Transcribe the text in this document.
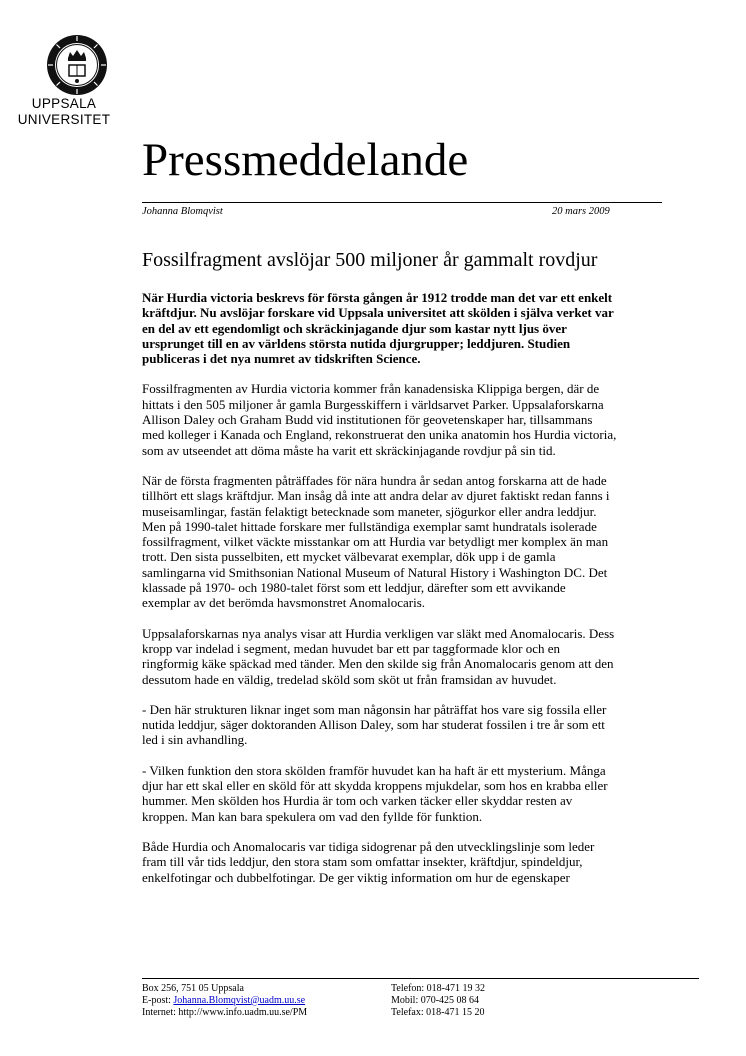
UPPSALA
UNIVERSITET
Pressmeddelande
Johanna Blomqvist	20 mars 2009
Fossilfragment avslöjar 500 miljoner år gammalt rovdjur

När Hurdia victoria beskrevs för första gången år 1912 trodde man det var ett enkelt
kräftdjur. Nu avslöjar forskare vid Uppsala universitet att skölden i själva verket var
en del av ett egendomligt och skräckinjagande djur som kastar nytt ljus över
ursprunget till en av världens största nutida djurgrupper; leddjuren. Studien
publiceras i det nya numret av tidskriften Science.

Fossilfragmenten av Hurdia victoria kommer från kanadensiska Klippiga bergen, där de
hittats i den 505 miljoner år gamla Burgesskiffern i världsarvet Parker. Uppsalaforskarna
Allison Daley och Graham Budd vid institutionen för geovetenskaper har, tillsammans
med kolleger i Kanada och England, rekonstruerat den unika anatomin hos Hurdia victoria,
som av utseendet att döma måste ha varit ett skräckinjagande rovdjur på sin tid.

När de första fragmenten påträffades för nära hundra år sedan antog forskarna att de hade
tillhört ett slags kräftdjur. Man insåg då inte att andra delar av djuret faktiskt redan fanns i
museisamlingar, fastän felaktigt betecknade som maneter, sjögurkor eller andra leddjur.
Men på 1990-talet hittade forskare mer fullständiga exemplar samt hundratals isolerade
fossilfragment, vilket väckte misstankar om att Hurdia var betydligt mer komplex än man
trott. Den sista pusselbiten, ett mycket välbevarat exemplar, dök upp i de gamla
samlingarna vid Smithsonian National Museum of Natural History i Washington DC. Det
klassade på 1970- och 1980-talet först som ett leddjur, därefter som ett avvikande
exemplar av det berömda havsmonstret Anomalocaris.

Uppsalaforskarnas nya analys visar att Hurdia verkligen var släkt med Anomalocaris. Dess
kropp var indelad i segment, medan huvudet bar ett par taggformade klor och en
ringformig käke späckad med tänder. Men den skilde sig från Anomalocaris genom att den
dessutom hade en väldig, tredelad sköld som sköt ut från framsidan av huvudet.

- Den här strukturen liknar inget som man någonsin har påträffat hos vare sig fossila eller
nutida leddjur, säger doktoranden Allison Daley, som har studerat fossilen i tre år som ett
led i sin avhandling.

- Vilken funktion den stora skölden framför huvudet kan ha haft är ett mysterium. Många
djur har ett skal eller en sköld för att skydda kroppens mjukdelar, som hos en krabba eller
hummer. Men skölden hos Hurdia är tom och varken täcker eller skyddar resten av
kroppen. Man kan bara spekulera om vad den fyllde för funktion.

Både Hurdia och Anomalocaris var tidiga sidogrenar på den utvecklingslinje som leder
fram till vår tids leddjur, den stora stam som omfattar insekter, kräftdjur, spindeldjur,
enkelfotingar och dubbelfotingar. De ger viktig information om hur de egenskaper

Box 256, 751 05 Uppsala
E-post: Johanna.Blomqvist@uadm.uu.se
Internet: http://www.info.uadm.uu.se/PM
Telefon: 018-471 19 32
Mobil: 070-425 08 64
Telefax: 018-471 15 20
